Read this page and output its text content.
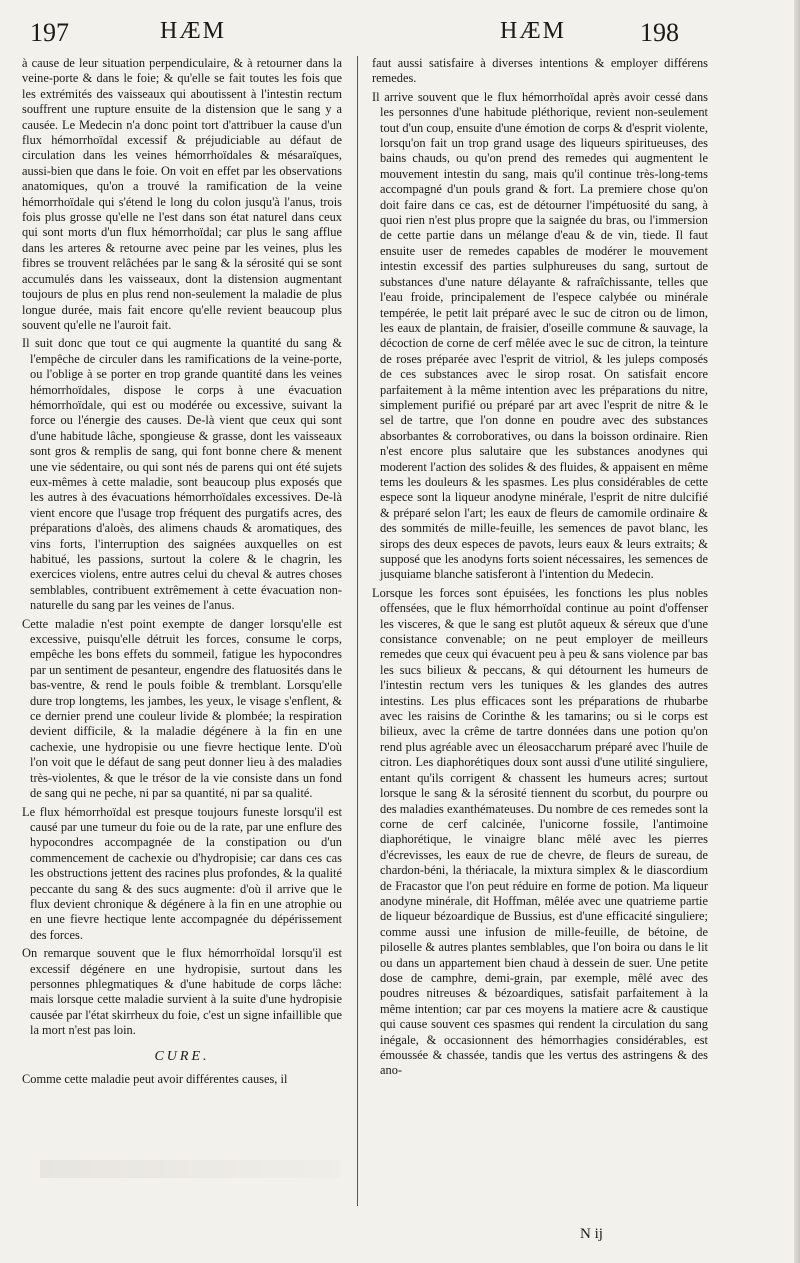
197	HÆM	HÆM	198

à cause de leur situation perpendiculaire, & à retourner dans la veine-porte & dans le foie; & qu'elle se fait toutes les fois que les extrémités des vaisseaux qui aboutissent à l'intestin rectum souffrent une rupture ensuite de la distension que le sang y a causée. Le Medecin n'a donc point tort d'attribuer la cause d'un flux hémorrhoïdal excessif & préjudiciable au défaut de circulation dans les veines hémorrhoïdales & mésaraïques, aussi-bien que dans le foie. On voit en effet par les observations anatomiques, qu'on a trouvé la ramification de la veine hémorrhoïdale qui s'étend le long du colon jusqu'à l'anus, trois fois plus grosse qu'elle ne l'est dans son état naturel dans ceux qui sont morts d'un flux hémorrhoïdal; car plus le sang afflue dans les arteres & retourne avec peine par les veines, plus les fibres se trouvent relâchées par le sang & la sérosité qui se sont accumulés dans les vaisseaux, dont la distension augmentant toujours de plus en plus rend non-seulement la maladie de plus longue durée, mais fait encore qu'elle revient beaucoup plus souvent qu'elle ne l'auroit fait.

Il suit donc que tout ce qui augmente la quantité du sang & l'empêche de circuler dans les ramifications de la veine-porte, ou l'oblige à se porter en trop grande quantité dans les veines hémorrhoïdales, dispose le corps à une évacuation hémorrhoïdale, qui est ou modérée ou excessive, suivant la force ou l'énergie des causes. De-là vient que ceux qui sont d'une habitude lâche, spongieuse & grasse, dont les vaisseaux sont gros & remplis de sang, qui font bonne chere & menent une vie sédentaire, ou qui sont nés de parens qui ont été sujets eux-mêmes à cette maladie, sont beaucoup plus exposés que les autres à des évacuations hémorrhoïdales excessives. De-là vient encore que l'usage trop fréquent des purgatifs acres, des préparations d'aloès, des alimens chauds & aromatiques, des vins forts, l'interruption des saignées auxquelles on est habitué, les passions, surtout la colere & le chagrin, les exercices violens, entre autres celui du cheval & autres choses semblables, contribuent extrêmement à cette évacuation non-naturelle du sang par les veines de l'anus.

Cette maladie n'est point exempte de danger lorsqu'elle est excessive, puisqu'elle détruit les forces, consume le corps, empêche les bons effets du sommeil, fatigue les hypocondres par un sentiment de pesanteur, engendre des flatuosités dans le bas-ventre, & rend le pouls foible & tremblant. Lorsqu'elle dure trop longtems, les jambes, les yeux, le visage s'enflent, & ce dernier prend une couleur livide & plombée; la respiration devient difficile, & la maladie dégénere à la fin en une cachexie, une hydropisie ou une fievre hectique lente. D'où l'on voit que le défaut de sang peut donner lieu à des maladies très-violentes, & que le trésor de la vie consiste dans un fond de sang qui ne peche, ni par sa quantité, ni par sa qualité.

Le flux hémorrhoïdal est presque toujours funeste lorsqu'il est causé par une tumeur du foie ou de la rate, par une enflure des hypocondres accompagnée de la constipation ou d'un commencement de cachexie ou d'hydropisie; car dans ces cas les obstructions jettent des racines plus profondes, & la qualité peccante du sang & des sucs augmente: d'où il arrive que le flux devient chronique & dégénere à la fin en une atrophie ou en une fievre hectique lente accompagnée du dépérissement des forces.

On remarque souvent que le flux hémorrhoïdal lorsqu'il est excessif dégénere en une hydropisie, surtout dans les personnes phlegmatiques & d'une habitude de corps lâche: mais lorsque cette maladie survient à la suite d'une hydropisie causée par l'état skirrheux du foie, c'est un signe infaillible que la mort n'est pas loin.

CURE.

Comme cette maladie peut avoir différentes causes, il

faut aussi satisfaire à diverses intentions & employer différens remedes.

Il arrive souvent que le flux hémorrhoïdal après avoir cessé dans les personnes d'une habitude pléthorique, revient non-seulement tout d'un coup, ensuite d'une émotion de corps & d'esprit violente, lorsqu'on fait un trop grand usage des liqueurs spiritueuses, des bains chauds, ou qu'on prend des remedes qui augmentent le mouvement intestin du sang, mais qu'il continue très-long-tems accompagné d'un pouls grand & fort. La premiere chose qu'on doit faire dans ce cas, est de détourner l'impétuosité du sang, à quoi rien n'est plus propre que la saignée du bras, ou l'immersion de cette partie dans un mélange d'eau & de vin, tiede. Il faut ensuite user de remedes capables de modérer le mouvement intestin excessif des parties sulphureuses du sang, surtout de substances d'une nature délayante & rafraîchissante, telles que l'eau froide, principalement de l'espece calybée ou minérale tempérée, le petit lait préparé avec le suc de citron ou de limon, les eaux de plantain, de fraisier, d'oseille commune & sauvage, la décoction de corne de cerf mêlée avec le suc de citron, la teinture de roses préparée avec l'esprit de vitriol, & les juleps composés de ces substances avec le sirop rosat. On satisfait encore parfaitement à la même intention avec les préparations du nitre, simplement purifié ou préparé par art avec l'esprit de nitre & le sel de tartre, que l'on donne en poudre avec des substances absorbantes & corroboratives, ou dans la boisson ordinaire. Rien n'est encore plus salutaire que les substances anodynes qui moderent l'action des solides & des fluides, & appaisent en même tems les douleurs & les spasmes. Les plus considérables de cette espece sont la liqueur anodyne minérale, l'esprit de nitre dulcifié & préparé selon l'art; les eaux de fleurs de camomile ordinaire & des sommités de mille-feuille, les semences de pavot blanc, les sirops des deux especes de pavots, leurs eaux & leurs extraits; & supposé que les anodyns forts soient nécessaires, les semences de jusquiame blanche satisferont à l'intention du Medecin.

Lorsque les forces sont épuisées, les fonctions les plus nobles offensées, que le flux hémorrhoïdal continue au point d'offenser les visceres, & que le sang est plutôt aqueux & séreux que d'une consistance convenable; on ne peut employer de meilleurs remedes que ceux qui évacuent peu à peu & sans violence par bas les sucs bilieux & peccans, & qui détournent les humeurs de l'intestin rectum vers les tuniques & les glandes des autres intestins. Les plus efficaces sont les préparations de rhubarbe avec les raisins de Corinthe & les tamarins; ou si le corps est bilieux, avec la crême de tartre données dans une potion qu'on rend plus agréable avec un éleosaccharum préparé avec l'huile de citron. Les diaphorétiques doux sont aussi d'une utilité singuliere, entant qu'ils corrigent & chassent les humeurs acres; surtout lorsque le sang & la sérosité tiennent du scorbut, du pourpre ou des maladies exanthémateuses. Du nombre de ces remedes sont la corne de cerf calcinée, l'unicorne fossile, l'antimoine diaphorétique, le vinaigre blanc mêlé avec les pierres d'écrevisses, les eaux de rue de chevre, de fleurs de sureau, de chardon-béni, la thériacale, la mixtura simplex & le diascordium de Fracastor que l'on peut réduire en forme de potion. Ma liqueur anodyne minérale, dit Hoffman, mêlée avec une quatrieme partie de liqueur bézoardique de Bussius, est d'une efficacité singuliere; comme aussi une infusion de mille-feuille, de bétoine, de piloselle & autres plantes semblables, que l'on boira ou dans le lit ou dans un appartement bien chaud à dessein de suer. Une petite dose de camphre, demi-grain, par exemple, mêlé avec des poudres nitreuses & bézoardiques, satisfait parfaitement à la même intention; car par ces moyens la matiere acre & caustique qui cause souvent ces spasmes qui rendent la circulation du sang inégale, & occasionnent des hémorrhagies considérables, est émoussée & chassée, tandis que les vertus des astringens & des ano-

N ij
